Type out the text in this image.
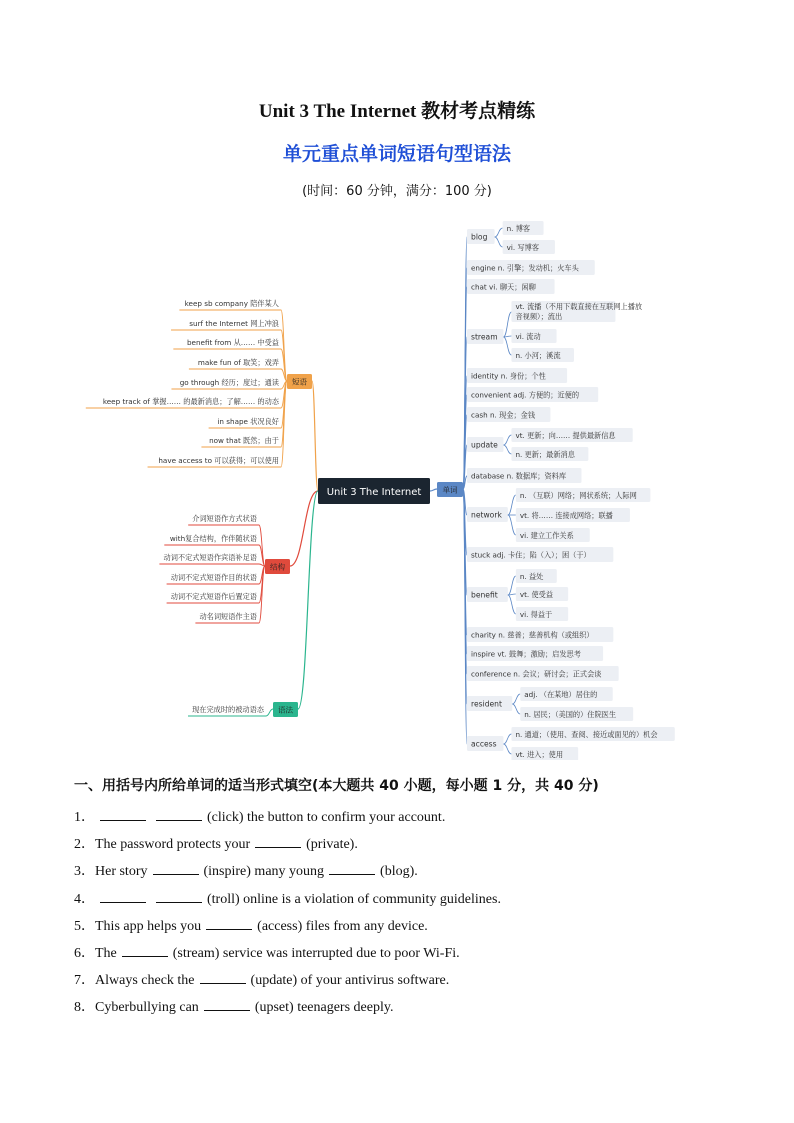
Unit 3 The Internet 教材考点精练
单元重点单词短语句型语法
(时间：60 分钟，满分：100 分)
Unit 3 The Internet
短语
结构
语法
单词
keep sb company 陪伴某人
surf the Internet 网上冲浪
benefit from 从…… 中受益
make fun of 取笑；戏弄
go through 经历；度过；通读
keep track of 掌握…… 的最新消息；了解…… 的动态
in shape 状况良好
now that 既然；由于
have access to 可以获得；可以使用
介词短语作方式状语
with复合结构，作伴随状语
动词不定式短语作宾语补足语
动词不定式短语作目的状语
动词不定式短语作后置定语
动名词短语作主语
现在完成时的被动语态
blog
n. 博客
vi. 写博客
engine n. 引擎；发动机；火车头
chat vi. 聊天；闲聊
stream
vt. 流播（不用下载直接在互联网上播放
音视频）；流出
vi. 流动
n. 小河；溪流
identity n. 身份；个性
convenient adj. 方便的；近便的
cash n. 现金；金钱
update
vt. 更新；向…… 提供最新信息
n. 更新；最新消息
database n. 数据库；资料库
network
n. （互联）网络；网状系统；人际网
vt. 将…… 连接成网络；联播
vi. 建立工作关系
stuck adj. 卡住；陷（入）；困（于）
benefit
n. 益处
vt. 使受益
vi. 得益于
charity n. 慈善；慈善机构（或组织）
inspire vt. 鼓舞；激励；启发思考
conference n. 会议；研讨会；正式会谈
resident
adj. （在某地）居住的
n. 居民；（美国的）住院医生
access
n. 通道；（使用、查阅、接近或面见的）机会
vt. 进入；使用
一、用括号内所给单词的适当形式填空(本大题共 40 小题，每小题 1 分，共 40 分)
1．	(click) the button to confirm your account.
2．The password protects your	(private).
3．Her story	(inspire) many young	(blog).
4．	(troll) online is a violation of community guidelines.
5．This app helps you	(access) files from any device.
6．The	(stream) service was interrupted due to poor Wi-Fi.
7．Always check the	(update) of your antivirus software.
8．Cyberbullying can	(upset) teenagers deeply.
